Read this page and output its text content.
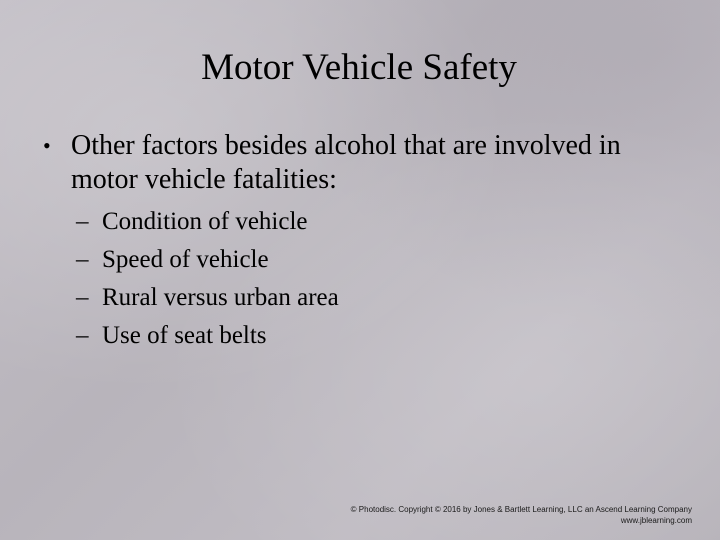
Motor Vehicle Safety
• Other factors besides alcohol that are involved in motor vehicle fatalities:
– Condition of vehicle
– Speed of vehicle
– Rural versus urban area
– Use of seat belts
© Photodisc. Copyright © 2016 by Jones & Bartlett Learning, LLC an Ascend Learning Company
www.jblearning.com
